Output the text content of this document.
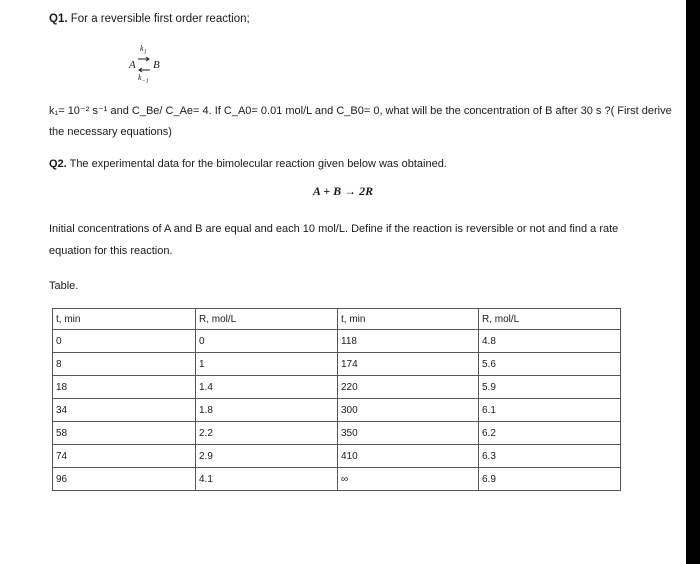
Q1. For a reversible first order reaction;
$k_1$
A ⇌ B
$k_{-1}$
k₁= 10⁻² s⁻¹ and C_Be/ C_Ae= 4. If C_A0= 0.01 mol/L and C_B0= 0, what will be the concentration of B after 30 s ?( First derive
the necessary equations)
Q2. The experimental data for the bimolecular reaction given below was obtained.
A + B → 2R
Initial concentrations of A and B are equal and each 10 mol/L. Define if the reaction is reversible or not and find a rate
equation for this reaction.
Table.
t, min	R, mol/L	t, min	R, mol/L
0	0	118	4.8
8	1	174	5.6
18	1.4	220	5.9
34	1.8	300	6.1
58	2.2	350	6.2
74	2.9	410	6.3
96	4.1	∞	6.9
